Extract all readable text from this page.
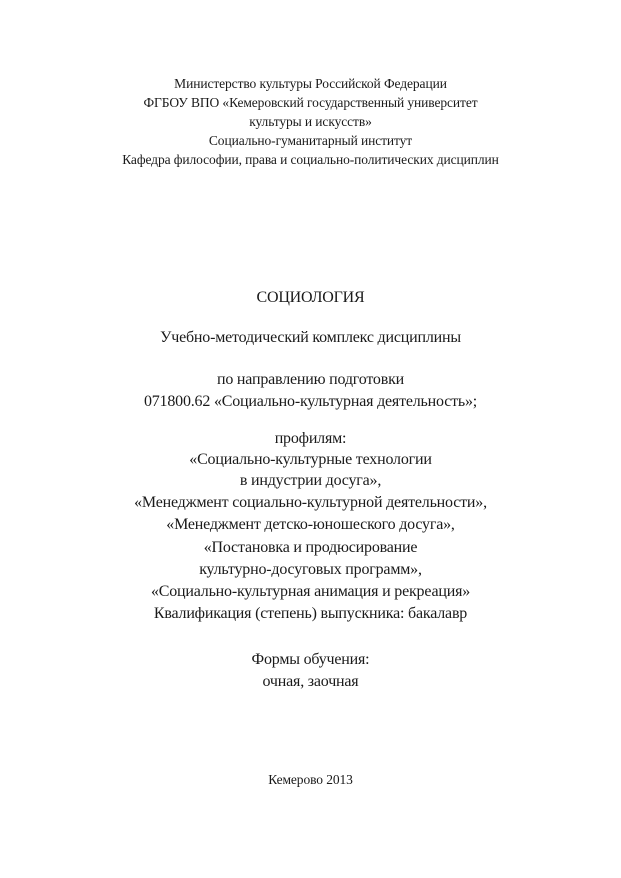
Министерство культуры Российской Федерации
ФГБОУ ВПО «Кемеровский государственный университет
культуры и искусств»
Социально-гуманитарный институт
Кафедра философии, права и социально-политических дисциплин
СОЦИОЛОГИЯ
Учебно-методический комплекс дисциплины
по направлению подготовки
071800.62 «Социально-культурная деятельность»;
профилям:
«Социально-культурные технологии
в индустрии досуга»,
«Менеджмент социально-культурной деятельности»,
«Менеджмент детско-юношеского досуга»,
«Постановка и продюсирование
культурно-досуговых программ»,
«Социально-культурная анимация и рекреация»
Квалификация (степень) выпускника: бакалавр
Формы обучения:
очная, заочная
Кемерово 2013
